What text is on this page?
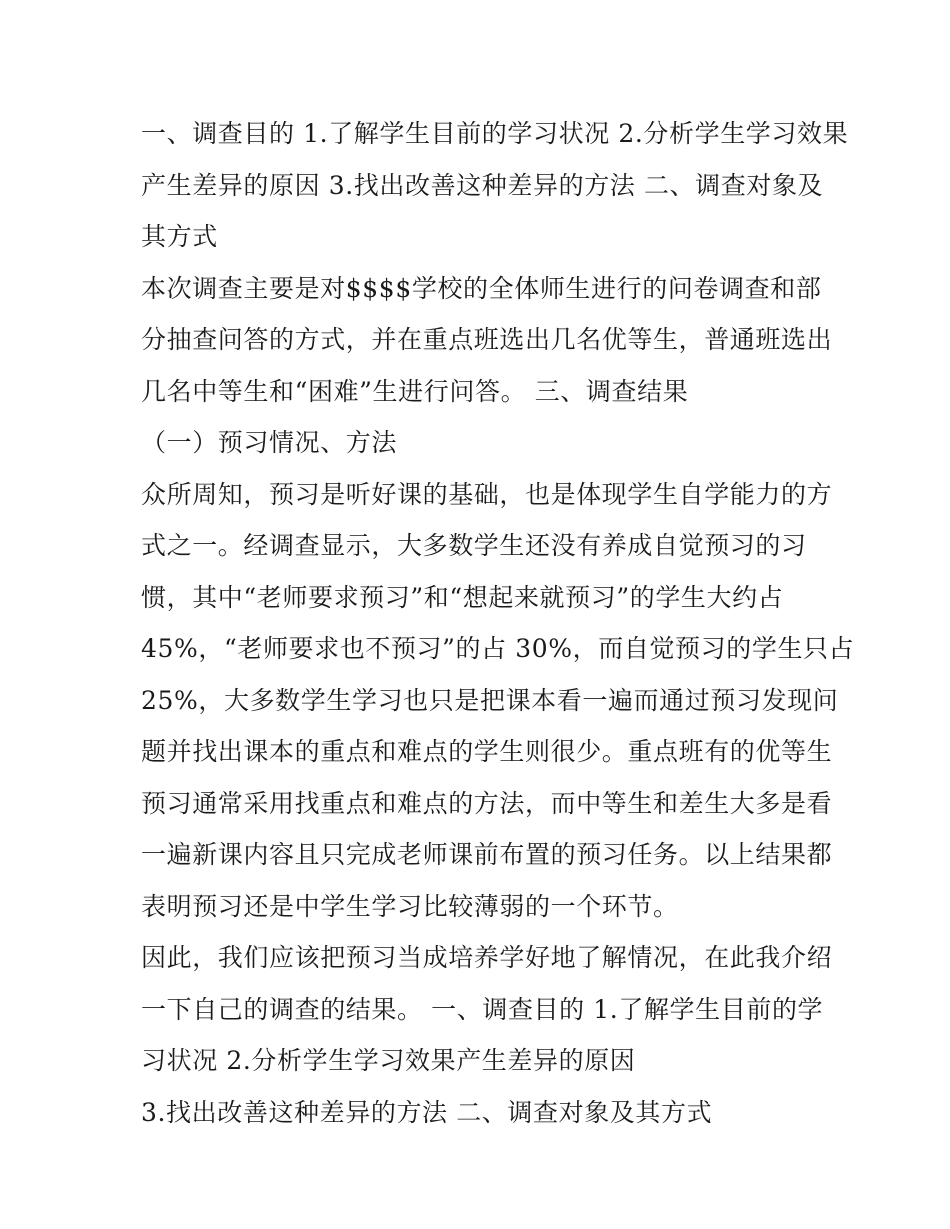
一、调查目的 1.了解学生目前的学习状况 2.分析学生学习效果
产生差异的原因 3.找出改善这种差异的方法 二、调查对象及
其方式
本次调查主要是对$$$$学校的全体师生进行的问卷调查和部
分抽查问答的方式，并在重点班选出几名优等生，普通班选出
几名中等生和“困难”生进行问答。 三、调查结果
（一）预习情况、方法
众所周知，预习是听好课的基础，也是体现学生自学能力的方
式之一。经调查显示，大多数学生还没有养成自觉预习的习
惯，其中“老师要求预习”和“想起来就预习”的学生大约占
45%，“老师要求也不预习”的占 30%，而自觉预习的学生只占
25%，大多数学生学习也只是把课本看一遍而通过预习发现问
题并找出课本的重点和难点的学生则很少。重点班有的优等生
预习通常采用找重点和难点的方法，而中等生和差生大多是看
一遍新课内容且只完成老师课前布置的预习任务。以上结果都
表明预习还是中学生学习比较薄弱的一个环节。
因此，我们应该把预习当成培养学好地了解情况，在此我介绍
一下自己的调查的结果。 一、调查目的 1.了解学生目前的学
习状况 2.分析学生学习效果产生差异的原因
3.找出改善这种差异的方法 二、调查对象及其方式
